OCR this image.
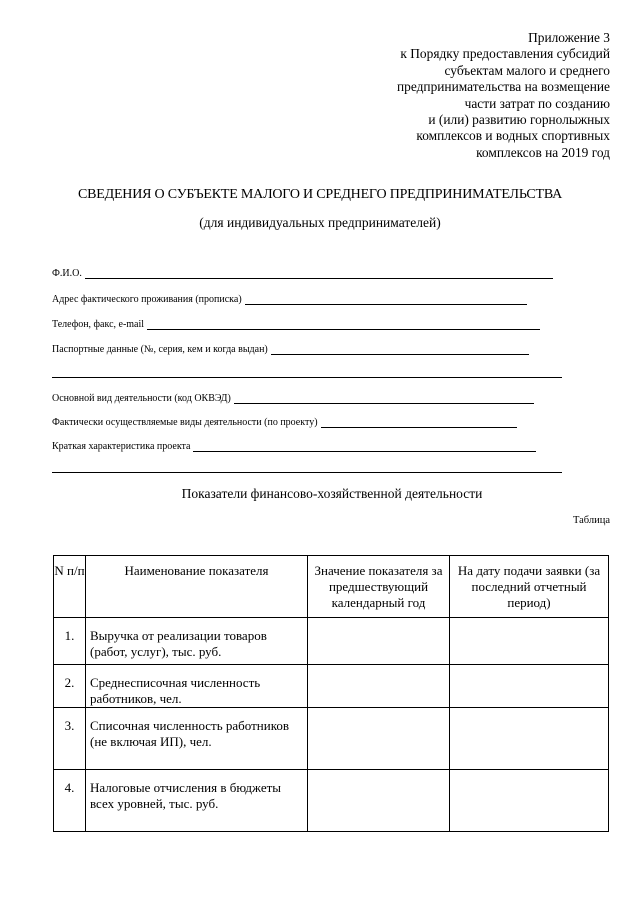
Приложение 3
к Порядку предоставления субсидий
субъектам малого и среднего
предпринимательства на возмещение
части затрат по созданию
и (или) развитию горнолыжных
комплексов и водных спортивных
комплексов на 2019 год
СВЕДЕНИЯ О СУБЪЕКТЕ МАЛОГО И СРЕДНЕГО ПРЕДПРИНИМАТЕЛЬСТВА
(для индивидуальных предпринимателей)
Ф.И.О.
Адрес фактического проживания (прописка)
Телефон, факс, e-mail
Паспортные данные (№, серия, кем и когда выдан)
Основной вид деятельности (код ОКВЭД)
Фактически осуществляемые виды деятельности (по проекту)
Краткая характеристика проекта
Показатели финансово-хозяйственной деятельности
Таблица
N п/п	Наименование показателя	Значение показателя за предшествующий календарный год	На дату подачи заявки (за последний отчетный период)
1.	Выручка от реализации товаров (работ, услуг), тыс. руб.		
2.	Среднесписочная численность работников, чел.		
3.	Списочная численность работников (не включая ИП), чел.		
4.	Налоговые отчисления в бюджеты всех уровней, тыс. руб.		
